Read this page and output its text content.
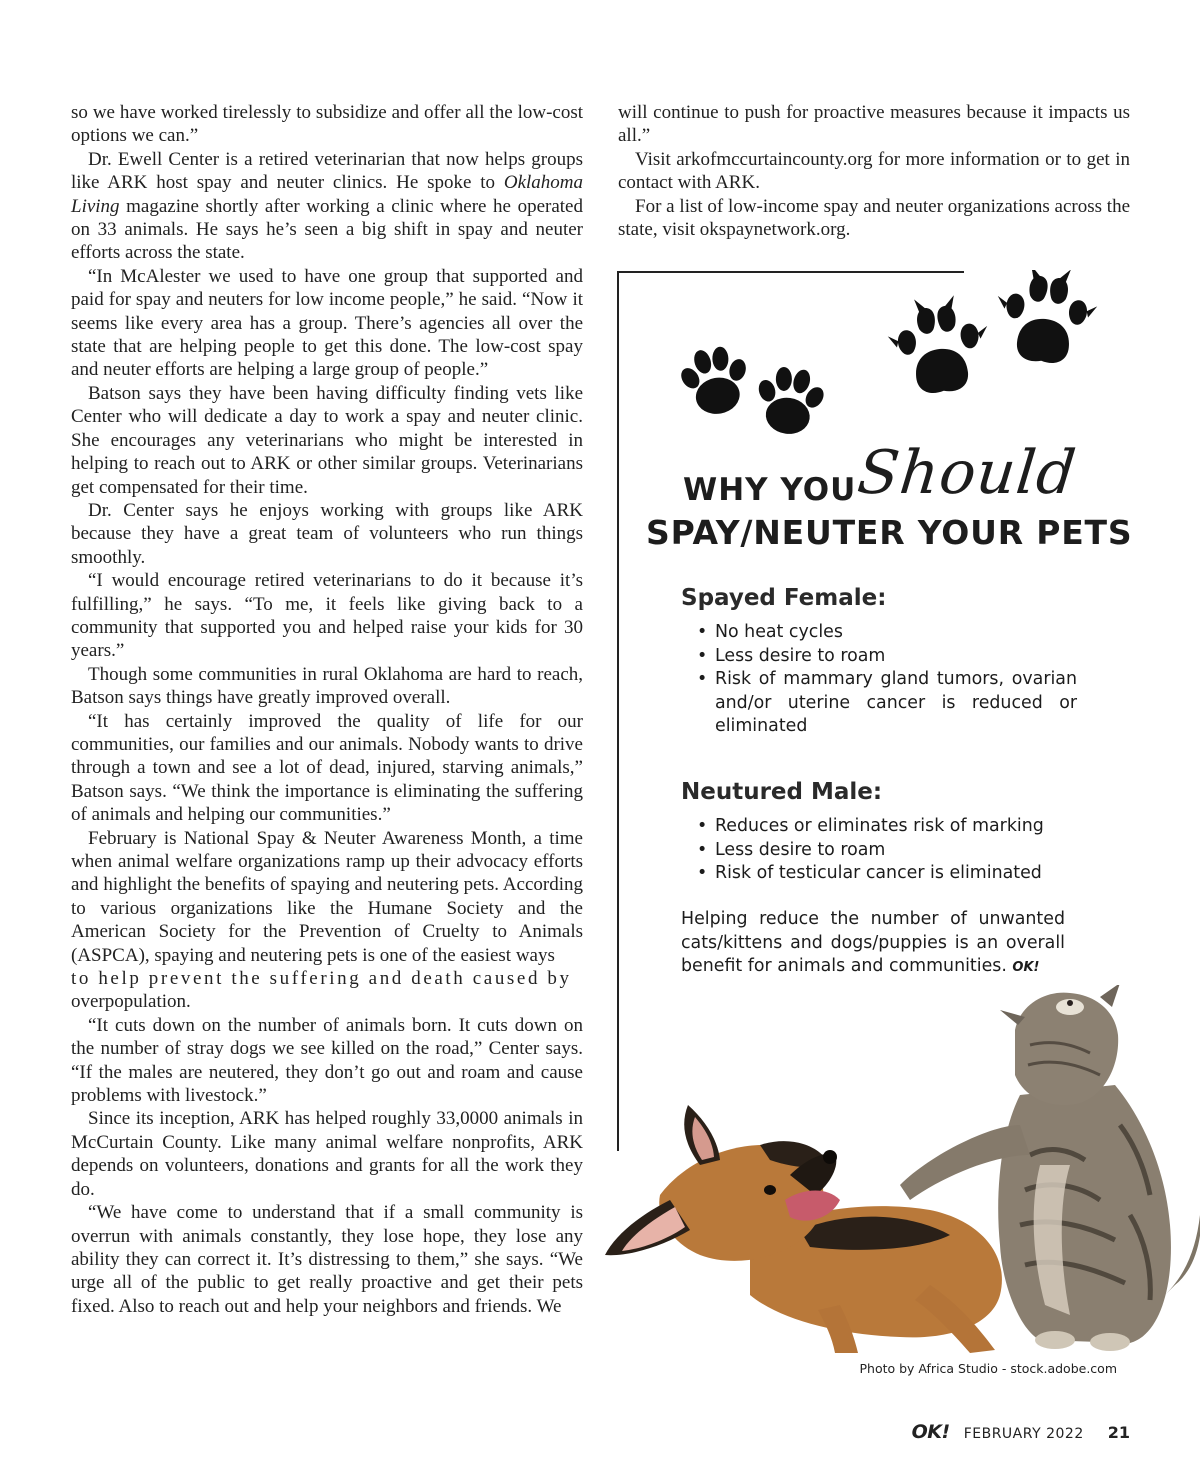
so we have worked tirelessly to subsidize and offer all the low-cost options we can.”

Dr. Ewell Center is a retired veterinarian that now helps groups like ARK host spay and neuter clinics. He spoke to Oklahoma Living magazine shortly after working a clinic where he operated on 33 animals. He says he’s seen a big shift in spay and neuter efforts across the state.

“In McAlester we used to have one group that supported and paid for spay and neuters for low income people,” he said. “Now it seems like every area has a group. There’s agencies all over the state that are helping people to get this done. The low-cost spay and neuter efforts are helping a large group of people.”

Batson says they have been having difficulty finding vets like Center who will dedicate a day to work a spay and neuter clinic. She encourages any veterinarians who might be interested in helping to reach out to ARK or other similar groups. Veterinarians get compensated for their time.

Dr. Center says he enjoys working with groups like ARK because they have a great team of volunteers who run things smoothly.

“I would encourage retired veterinarians to do it because it’s fulfilling,” he says. “To me, it feels like giving back to a community that supported you and helped raise your kids for 30 years.”

Though some communities in rural Oklahoma are hard to reach, Batson says things have greatly improved overall.

“It has certainly improved the quality of life for our communities, our families and our animals. Nobody wants to drive through a town and see a lot of dead, injured, starving animals,” Batson says. “We think the importance is eliminating the suffering of animals and helping our communities.”

February is National Spay & Neuter Awareness Month, a time when animal welfare organizations ramp up their advocacy efforts and highlight the benefits of spaying and neutering pets. According to various organizations like the Humane Society and the American Society for the Prevention of Cruelty to Animals (ASPCA), spaying and neutering pets is one of the easiest ways

to help prevent the suffering and death caused by

overpopulation.

“It cuts down on the number of animals born. It cuts down on the number of stray dogs we see killed on the road,” Center says. “If the males are neutered, they don’t go out and roam and cause problems with livestock.”

Since its inception, ARK has helped roughly 33,0000 animals in McCurtain County. Like many animal welfare nonprofits, ARK depends on volunteers, donations and grants for all the work they do.

“We have come to understand that if a small community is overrun with animals constantly, they lose hope, they lose any ability they can correct it. It’s distressing to them,” she says. “We urge all of the public to get really proactive and get their pets fixed. Also to reach out and help your neighbors and friends. We

will continue to push for proactive measures because it impacts us all.”

Visit arkofmccurtaincounty.org for more information or to get in contact with ARK.

For a list of low-income spay and neuter organizations across the state, visit okspaynetwork.org.

WHY YOU
Should
SPAY/NEUTER YOUR PETS
Spayed Female:
• No heat cycles
• Less desire to roam
• Risk of mammary gland tumors, ovarian and/or uterine cancer is reduced or eliminated
Neutured Male:
• Reduces or eliminates risk of marking
• Less desire to roam
• Risk of testicular cancer is eliminated
Helping reduce the number of unwanted cats/kittens and dogs/puppies is an overall benefit for animals and communities. OK!
Photo by Africa Studio - stock.adobe.com
OK! FEBRUARY 2022 21
